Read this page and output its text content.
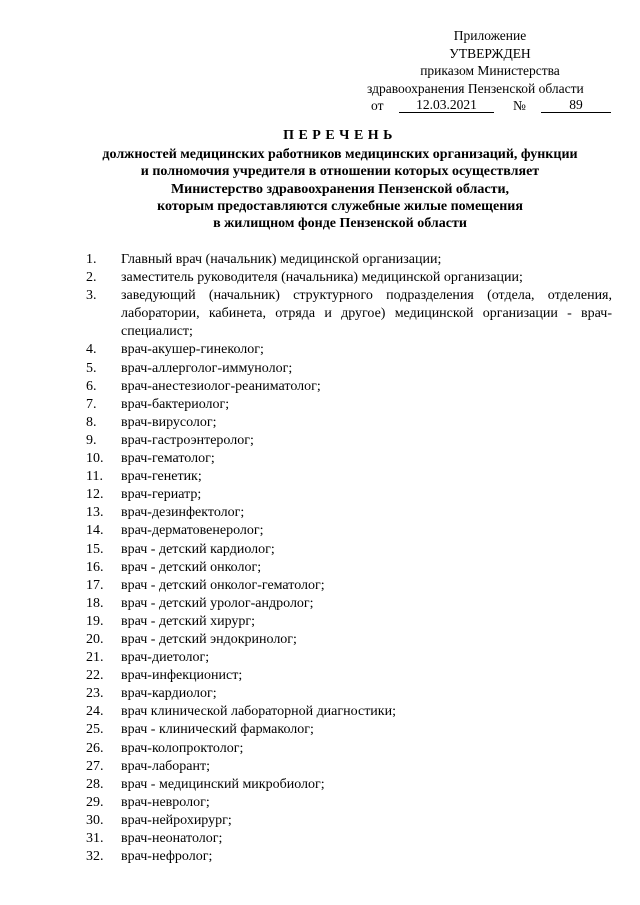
Приложение
УТВЕРЖДЕН
приказом Министерства
здравоохранения Пензенской области
от	12.03.2021	№	89
ПЕРЕЧЕНЬ
должностей медицинских работников медицинских организаций, функции
и полномочия учредителя в отношении которых осуществляет
Министерство здравоохранения Пензенской области,
которым предоставляются служебные жилые помещения
в жилищном фонде Пензенской области
1. Главный врач (начальник) медицинской организации;
2. заместитель руководителя (начальника) медицинской организации;
3. заведующий (начальник) структурного подразделения (отдела, отделения, лаборатории, кабинета, отряда и другое) медицинской организации - врач-специалист;
4. врач-акушер-гинеколог;
5. врач-аллерголог-иммунолог;
6. врач-анестезиолог-реаниматолог;
7. врач-бактериолог;
8. врач-вирусолог;
9. врач-гастроэнтеролог;
10. врач-гематолог;
11. врач-генетик;
12. врач-гериатр;
13. врач-дезинфектолог;
14. врач-дерматовенеролог;
15. врач - детский кардиолог;
16. врач - детский онколог;
17. врач - детский онколог-гематолог;
18. врач - детский уролог-андролог;
19. врач - детский хирург;
20. врач - детский эндокринолог;
21. врач-диетолог;
22. врач-инфекционист;
23. врач-кардиолог;
24. врач клинической лабораторной диагностики;
25. врач - клинический фармаколог;
26. врач-колопроктолог;
27. врач-лаборант;
28. врач - медицинский микробиолог;
29. врач-невролог;
30. врач-нейрохирург;
31. врач-неонатолог;
32. врач-нефролог;
